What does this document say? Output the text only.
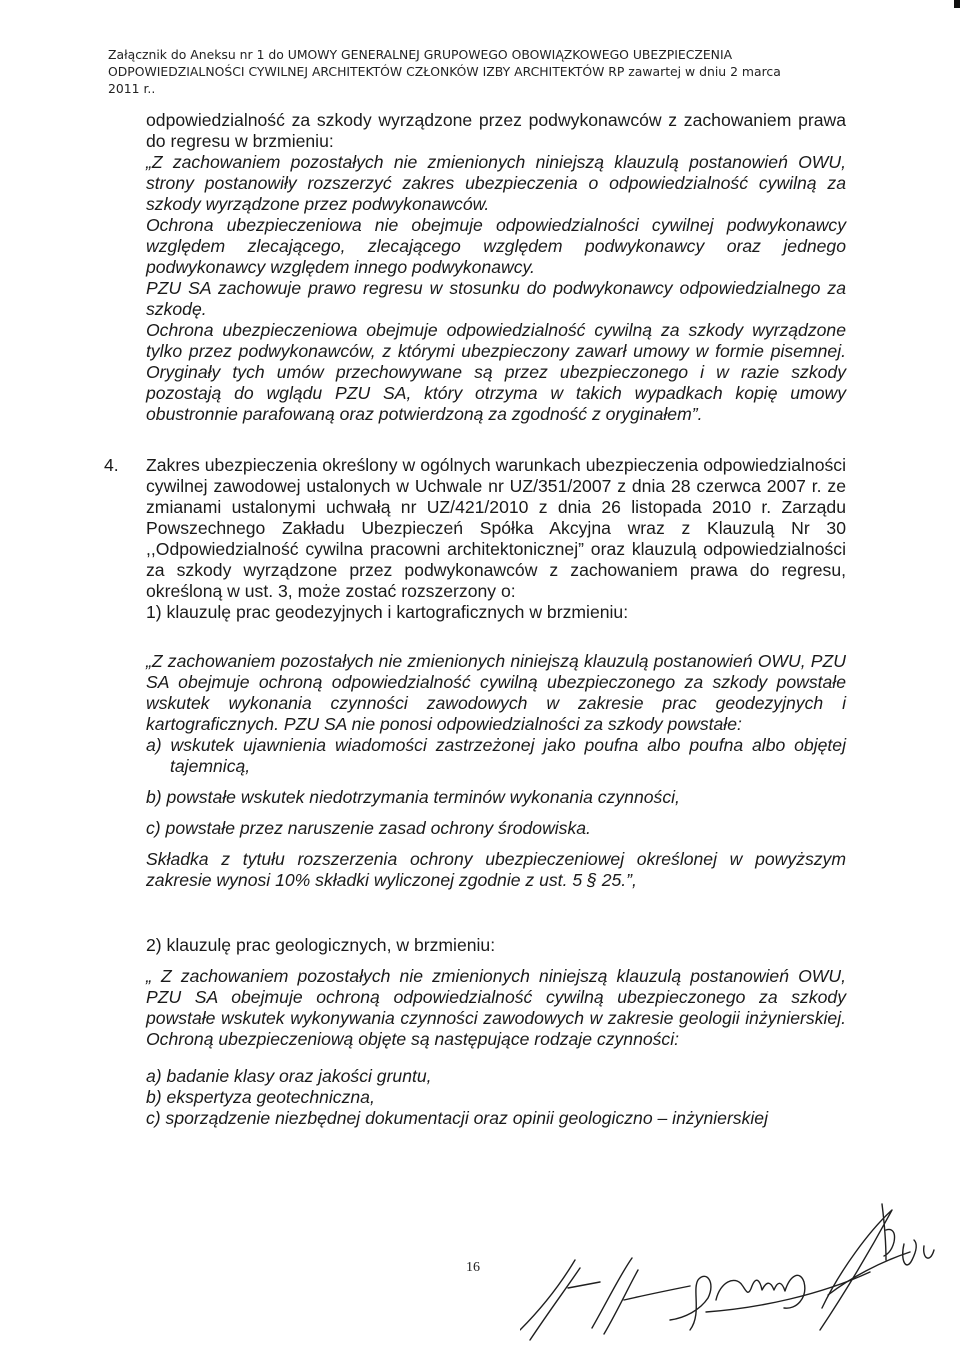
Załącznik do Aneksu nr 1 do UMOWY GENERALNEJ GRUPOWEGO OBOWIĄZKOWEGO UBEZPIECZENIA
ODPOWIEDZIALNOŚCI CYWILNEJ ARCHITEKTÓW CZŁONKÓW IZBY ARCHITEKTÓW RP zawartej w dniu 2 marca
2011 r..

odpowiedzialność za szkody wyrządzone przez podwykonawców z zachowaniem prawa do regresu w brzmieniu:

„Z zachowaniem pozostałych nie zmienionych niniejszą klauzulą postanowień OWU, strony postanowiły rozszerzyć zakres ubezpieczenia o odpowiedzialność cywilną za szkody wyrządzone przez podwykonawców.

Ochrona ubezpieczeniowa nie obejmuje odpowiedzialności cywilnej podwykonawcy względem zlecającego, zlecającego względem podwykonawcy oraz jednego podwykonawcy względem innego podwykonawcy.

PZU SA zachowuje prawo regresu w stosunku do podwykonawcy odpowiedzialnego za szkodę.

Ochrona ubezpieczeniowa obejmuje odpowiedzialność cywilną za szkody wyrządzone tylko przez podwykonawców, z którymi ubezpieczony zawarł umowy w formie pisemnej. Oryginały tych umów przechowywane są przez ubezpieczonego i w razie szkody pozostają do wglądu PZU SA, który otrzyma w takich wypadkach kopię umowy obustronnie parafowaną oraz potwierdzoną za zgodność z oryginałem”.

4. Zakres ubezpieczenia określony w ogólnych warunkach ubezpieczenia odpowiedzialności cywilnej zawodowej ustalonych w Uchwale nr UZ/351/2007 z dnia 28 czerwca 2007 r. ze zmianami ustalonymi uchwałą nr UZ/421/2010 z dnia 26 listopada 2010 r. Zarządu Powszechnego Zakładu Ubezpieczeń Spółka Akcyjna wraz z Klauzulą Nr 30 ,,Odpowiedzialność cywilna pracowni architektonicznej” oraz klauzulą odpowiedzialności za szkody wyrządzone przez podwykonawców z zachowaniem prawa do regresu, określoną w ust. 3, może zostać rozszerzony o:

1) klauzulę prac geodezyjnych i kartograficznych w brzmieniu:

„Z zachowaniem pozostałych nie zmienionych niniejszą klauzulą postanowień OWU, PZU SA obejmuje ochroną odpowiedzialność cywilną ubezpieczonego za szkody powstałe wskutek wykonania czynności zawodowych w zakresie prac geodezyjnych i kartograficznych. PZU SA nie ponosi odpowiedzialności za szkody powstałe:

a) wskutek ujawnienia wiadomości zastrzeżonej jako poufna albo poufna albo objętej tajemnicą,

b) powstałe wskutek niedotrzymania terminów wykonania czynności,

c) powstałe przez naruszenie zasad ochrony środowiska.

Składka z tytułu rozszerzenia ochrony ubezpieczeniowej określonej w powyższym zakresie wynosi 10% składki wyliczonej zgodnie z ust. 5 § 25.”,

2) klauzulę prac geologicznych, w brzmieniu:

„ Z zachowaniem pozostałych nie zmienionych niniejszą klauzulą postanowień OWU, PZU SA obejmuje ochroną odpowiedzialność cywilną ubezpieczonego za szkody powstałe wskutek wykonywania czynności zawodowych w zakresie geologii inżynierskiej. Ochroną ubezpieczeniową objęte są następujące rodzaje czynności:

a) badanie klasy oraz jakości gruntu,

b) ekspertyza geotechniczna,

c) sporządzenie niezbędnej dokumentacji oraz opinii geologiczno – inżynierskiej

16
